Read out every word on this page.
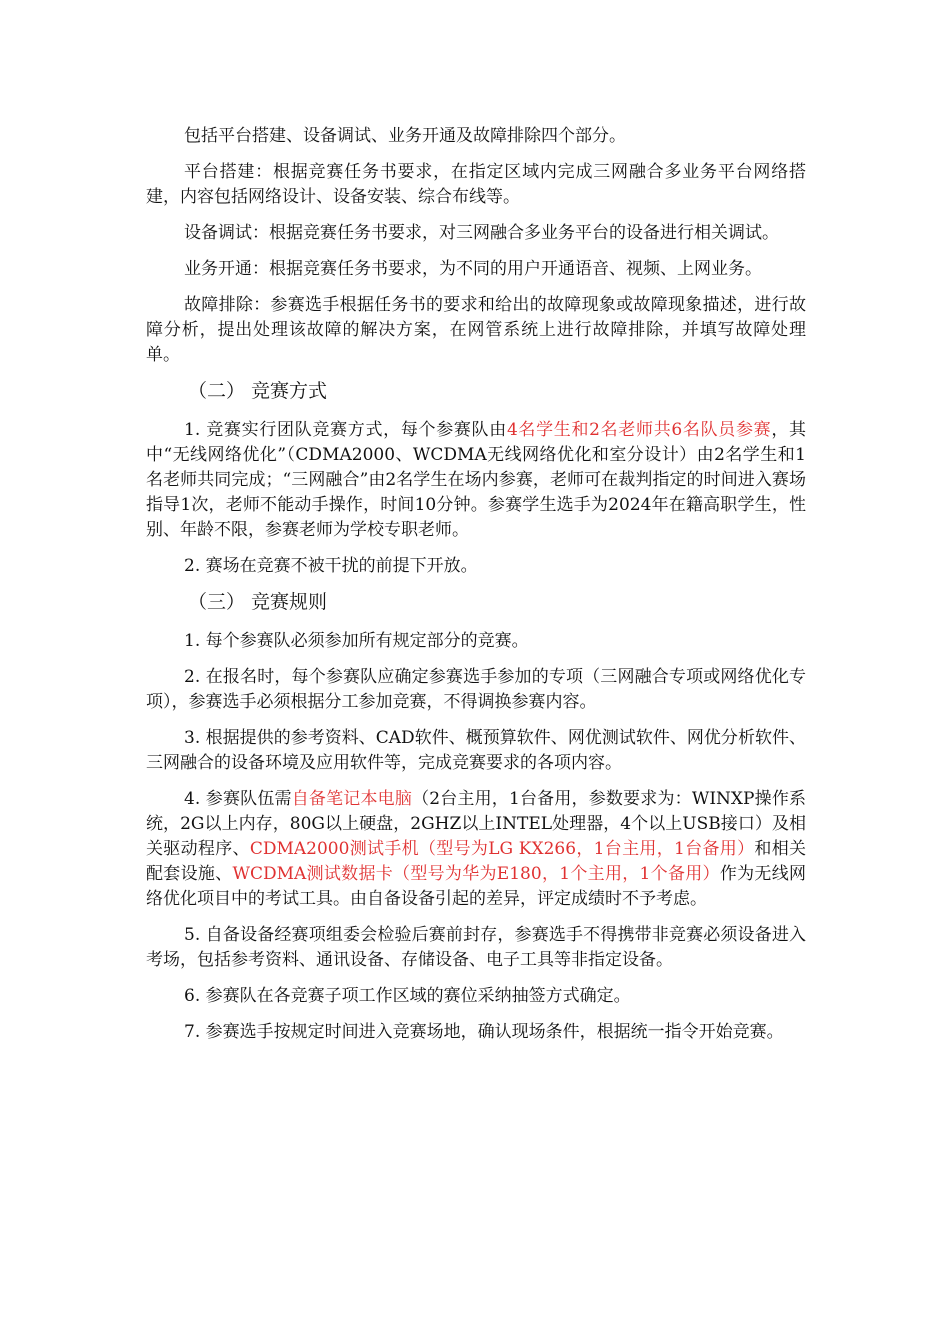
包括平台搭建、设备调试、业务开通及故障排除四个部分。

平台搭建：根据竞赛任务书要求，在指定区域内完成三网融合多业务平台网络搭建，内容包括网络设计、设备安装、综合布线等。

设备调试：根据竞赛任务书要求，对三网融合多业务平台的设备进行相关调试。

业务开通：根据竞赛任务书要求，为不同的用户开通语音、视频、上网业务。

故障排除：参赛选手根据任务书的要求和给出的故障现象或故障现象描述，进行故障分析，提出处理该故障的解决方案，在网管系统上进行故障排除，并填写故障处理单。

（二） 竞赛方式

1. 竞赛实行团队竞赛方式，每个参赛队由4名学生和2名老师共6名队员参赛，其中“无线网络优化”（CDMA2000、WCDMA无线网络优化和室分设计）由2名学生和1名老师共同完成；“三网融合”由2名学生在场内参赛，老师可在裁判指定的时间进入赛场指导1次，老师不能动手操作，时间10分钟。参赛学生选手为2024年在籍高职学生，性别、年龄不限，参赛老师为学校专职老师。

2. 赛场在竞赛不被干扰的前提下开放。

（三） 竞赛规则

1. 每个参赛队必须参加所有规定部分的竞赛。

2. 在报名时，每个参赛队应确定参赛选手参加的专项（三网融合专项或网络优化专项），参赛选手必须根据分工参加竞赛，不得调换参赛内容。

3. 根据提供的参考资料、CAD软件、概预算软件、网优测试软件、网优分析软件、三网融合的设备环境及应用软件等，完成竞赛要求的各项内容。

4. 参赛队伍需自备笔记本电脑（2台主用，1台备用，参数要求为：WINXP操作系统，2G以上内存，80G以上硬盘，2GHZ以上INTEL处理器，4个以上USB接口）及相关驱动程序、CDMA2000测试手机（型号为LG KX266，1台主用，1台备用）和相关配套设施、WCDMA测试数据卡（型号为华为E180，1个主用，1个备用）作为无线网络优化项目中的考试工具。由自备设备引起的差异，评定成绩时不予考虑。

5. 自备设备经赛项组委会检验后赛前封存，参赛选手不得携带非竞赛必须设备进入考场，包括参考资料、通讯设备、存储设备、电子工具等非指定设备。

6. 参赛队在各竞赛子项工作区域的赛位采纳抽签方式确定。

7. 参赛选手按规定时间进入竞赛场地，确认现场条件，根据统一指令开始竞赛。
